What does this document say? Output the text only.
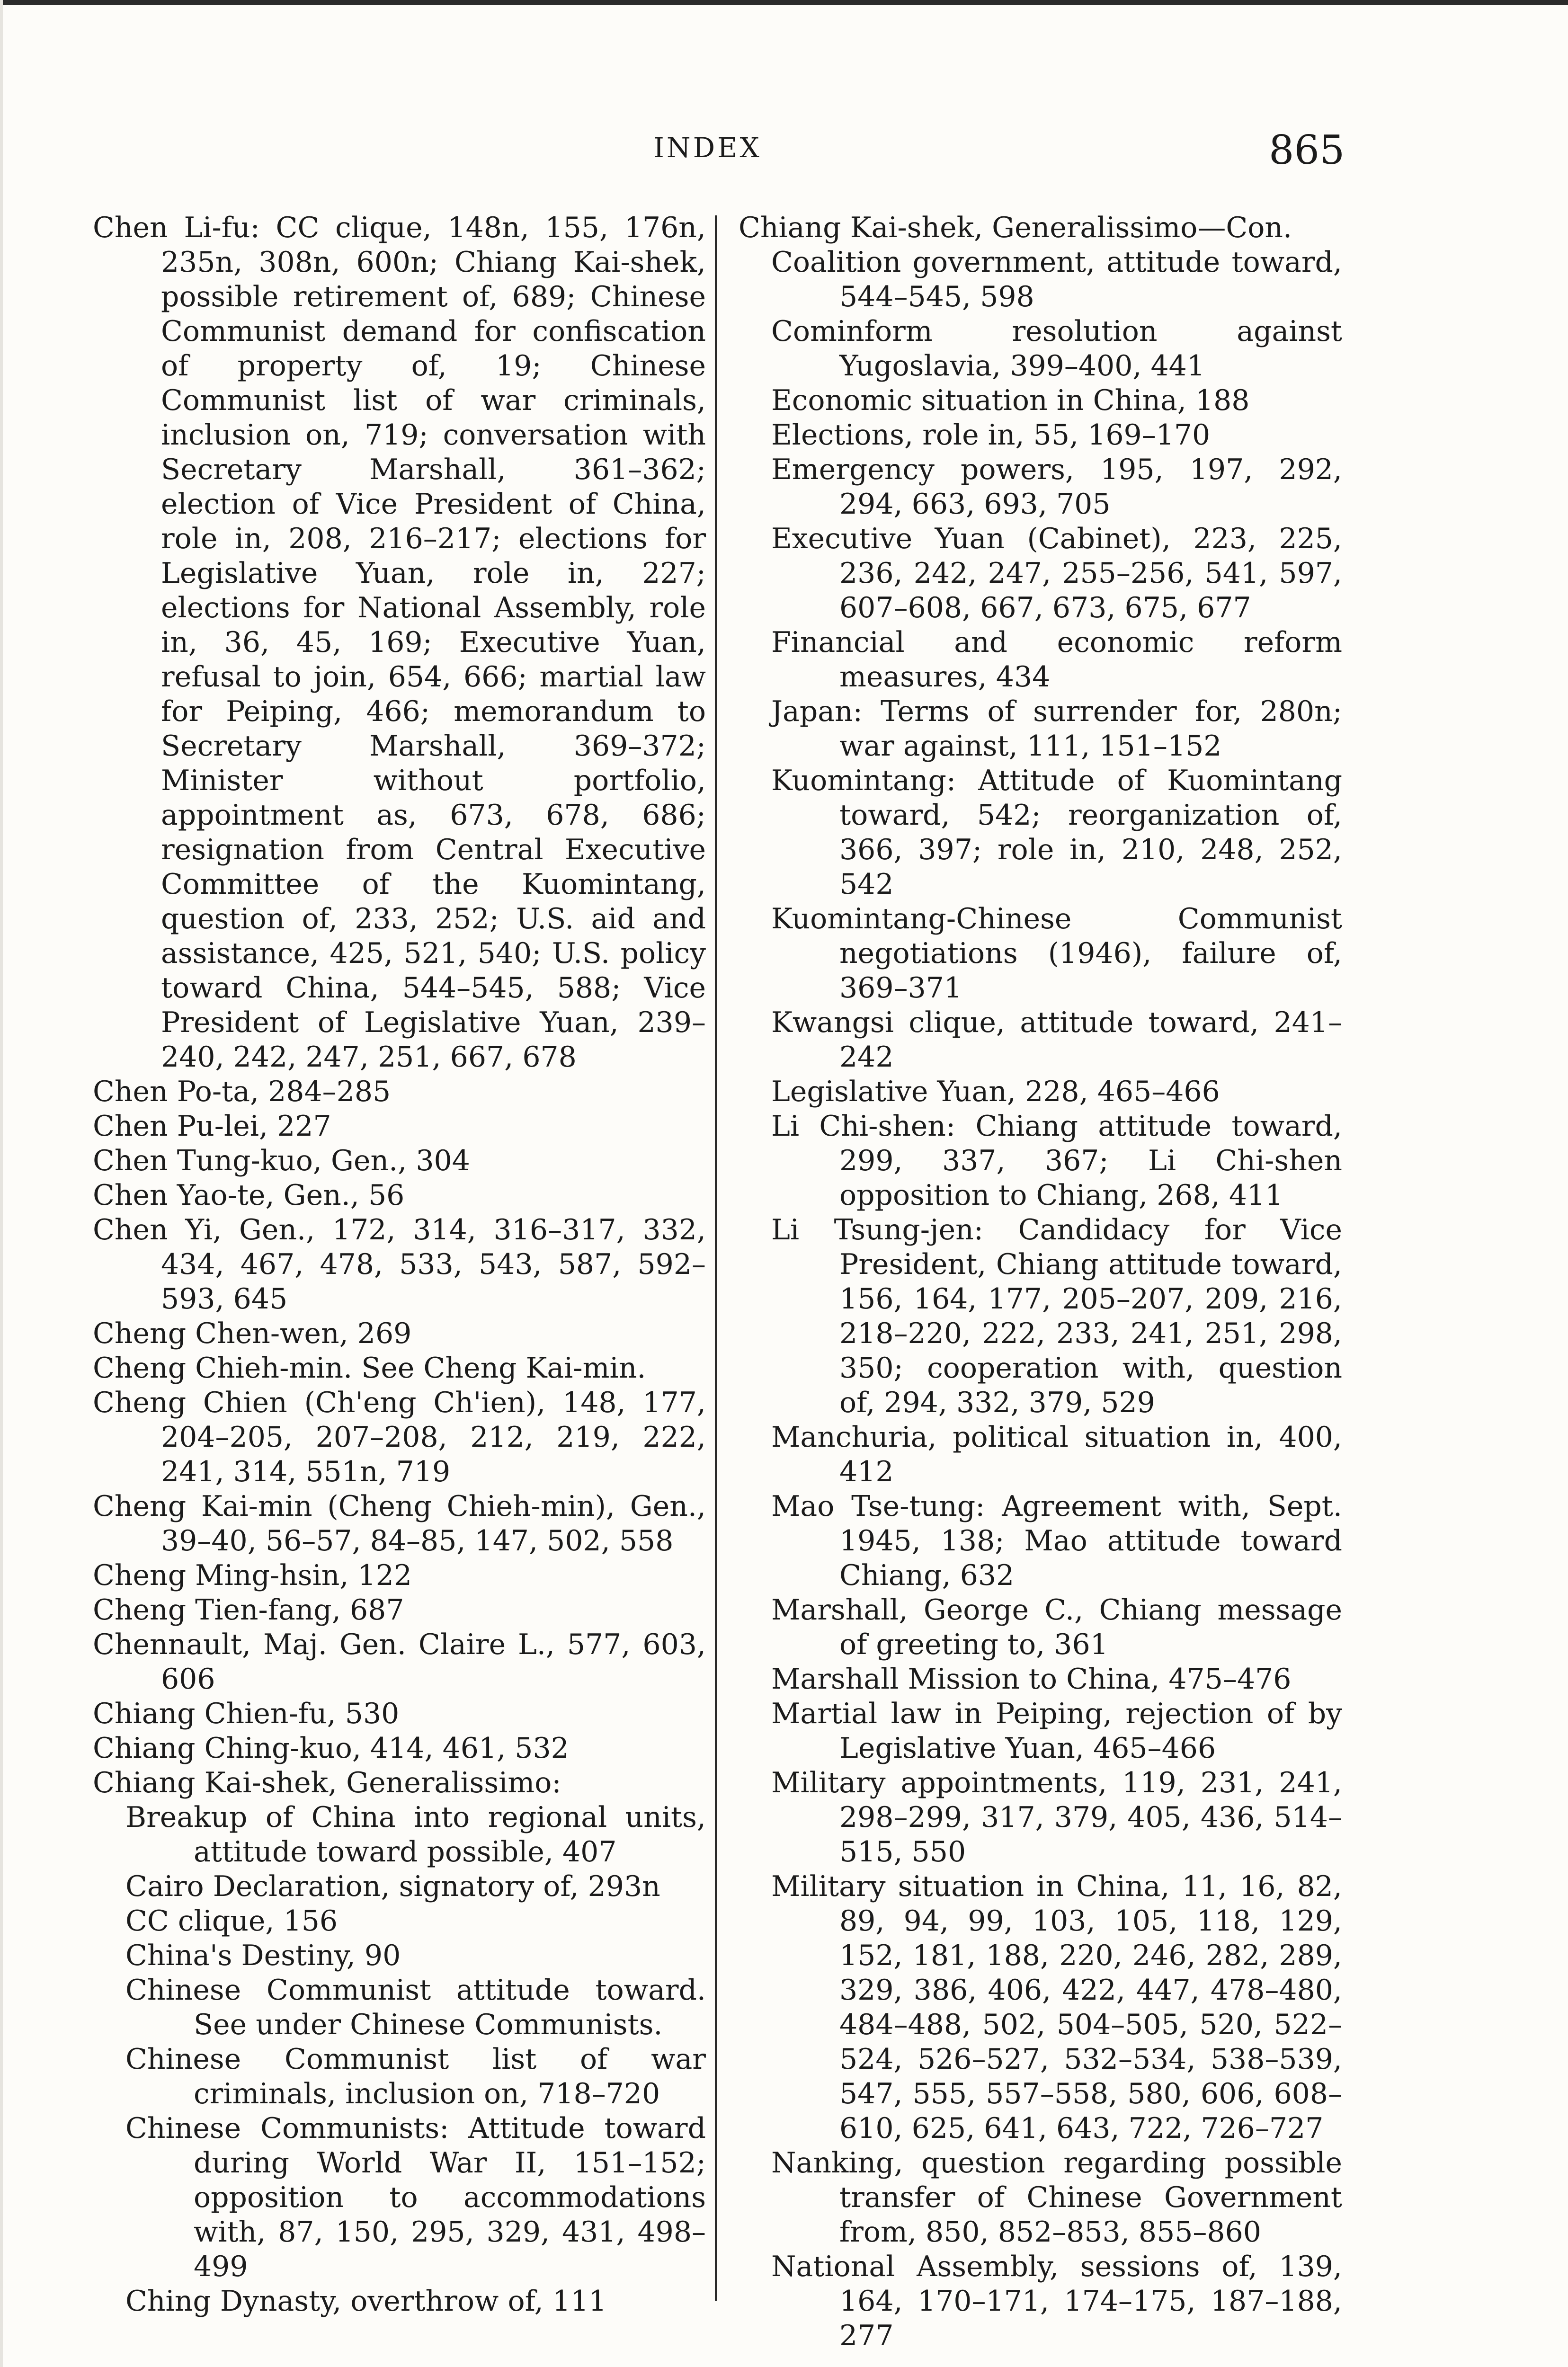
INDEX	865

Chen Li-fu: CC clique, 148n, 155, 176n, 235n, 308n, 600n; Chiang Kai-shek, possible retirement of, 689; Chinese Communist demand for confiscation of property of, 19; Chinese Communist list of war criminals, inclusion on, 719; conversation with Secretary Marshall, 361–362; election of Vice President of China, role in, 208, 216–217; elections for Legislative Yuan, role in, 227; elections for National Assembly, role in, 36, 45, 169; Executive Yuan, refusal to join, 654, 666; martial law for Peiping, 466; memorandum to Secretary Marshall, 369–372; Minister without portfolio, appointment as, 673, 678, 686; resignation from Central Executive Committee of the Kuomintang, question of, 233, 252; U.S. aid and assistance, 425, 521, 540; U.S. policy toward China, 544–545, 588; Vice President of Legislative Yuan, 239–240, 242, 247, 251, 667, 678

Chen Po-ta, 284–285

Chen Pu-lei, 227

Chen Tung-kuo, Gen., 304

Chen Yao-te, Gen., 56

Chen Yi, Gen., 172, 314, 316–317, 332, 434, 467, 478, 533, 543, 587, 592–593, 645

Cheng Chen-wen, 269

Cheng Chieh-min. See Cheng Kai-min.

Cheng Chien (Ch'eng Ch'ien), 148, 177, 204–205, 207–208, 212, 219, 222, 241, 314, 551n, 719

Cheng Kai-min (Cheng Chieh-min), Gen., 39–40, 56–57, 84–85, 147, 502, 558

Cheng Ming-hsin, 122

Cheng Tien-fang, 687

Chennault, Maj. Gen. Claire L., 577, 603, 606

Chiang Chien-fu, 530

Chiang Ching-kuo, 414, 461, 532

Chiang Kai-shek, Generalissimo:

Breakup of China into regional units, attitude toward possible, 407

Cairo Declaration, signatory of, 293n

CC clique, 156

China's Destiny, 90

Chinese Communist attitude toward. See under Chinese Communists.

Chinese Communist list of war criminals, inclusion on, 718–720

Chinese Communists: Attitude toward during World War II, 151–152; opposition to accommodations with, 87, 150, 295, 329, 431, 498–499

Ching Dynasty, overthrow of, 111

Chiang Kai-shek, Generalissimo—Con.

Coalition government, attitude toward, 544–545, 598

Cominform resolution against Yugoslavia, 399–400, 441

Economic situation in China, 188

Elections, role in, 55, 169–170

Emergency powers, 195, 197, 292, 294, 663, 693, 705

Executive Yuan (Cabinet), 223, 225, 236, 242, 247, 255–256, 541, 597, 607–608, 667, 673, 675, 677

Financial and economic reform measures, 434

Japan: Terms of surrender for, 280n; war against, 111, 151–152

Kuomintang: Attitude of Kuomintang toward, 542; reorganization of, 366, 397; role in, 210, 248, 252, 542

Kuomintang-Chinese Communist negotiations (1946), failure of, 369–371

Kwangsi clique, attitude toward, 241–242

Legislative Yuan, 228, 465–466

Li Chi-shen: Chiang attitude toward, 299, 337, 367; Li Chi-shen opposition to Chiang, 268, 411

Li Tsung-jen: Candidacy for Vice President, Chiang attitude toward, 156, 164, 177, 205–207, 209, 216, 218–220, 222, 233, 241, 251, 298, 350; cooperation with, question of, 294, 332, 379, 529

Manchuria, political situation in, 400, 412

Mao Tse-tung: Agreement with, Sept. 1945, 138; Mao attitude toward Chiang, 632

Marshall, George C., Chiang message of greeting to, 361

Marshall Mission to China, 475–476

Martial law in Peiping, rejection of by Legislative Yuan, 465–466

Military appointments, 119, 231, 241, 298–299, 317, 379, 405, 436, 514–515, 550

Military situation in China, 11, 16, 82, 89, 94, 99, 103, 105, 118, 129, 152, 181, 188, 220, 246, 282, 289, 329, 386, 406, 422, 447, 478–480, 484–488, 502, 504–505, 520, 522–524, 526–527, 532–534, 538–539, 547, 555, 557–558, 580, 606, 608–610, 625, 641, 643, 722, 726–727

Nanking, question regarding possible transfer of Chinese Government from, 850, 852–853, 855–860

National Assembly, sessions of, 139, 164, 170–171, 174–175, 187–188, 277
